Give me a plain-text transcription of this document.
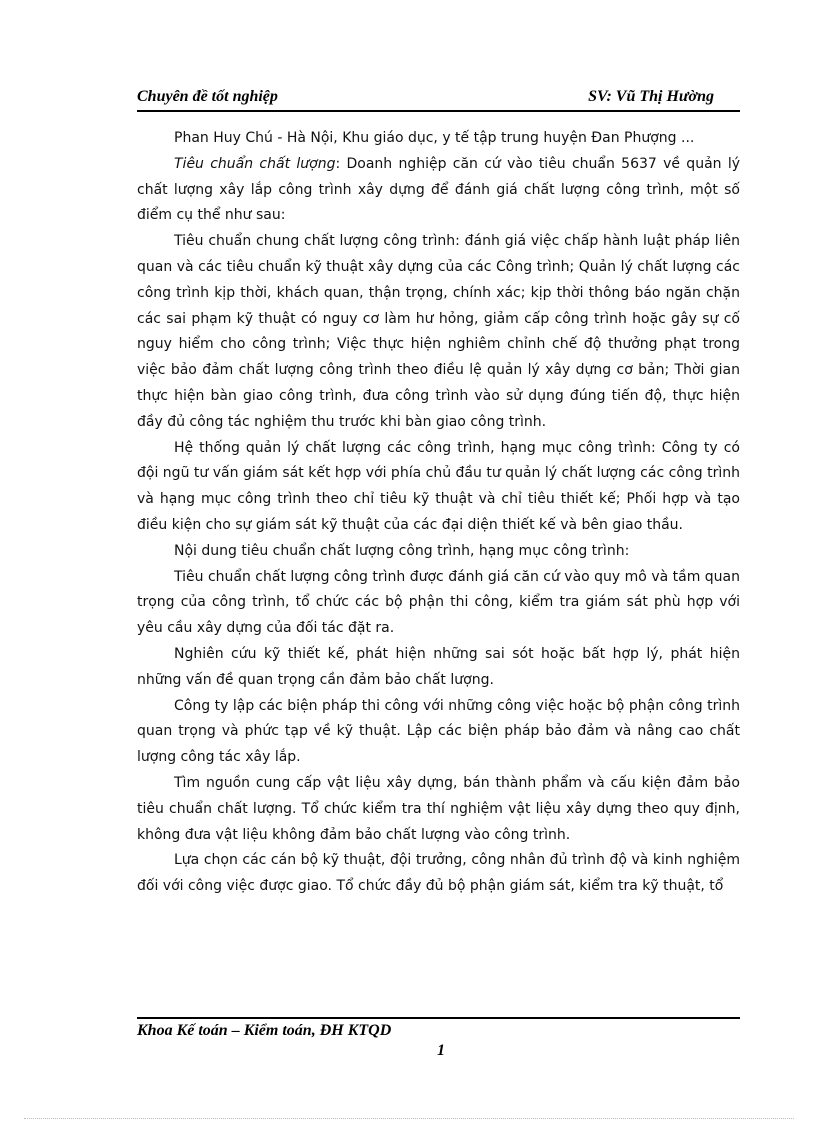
Chuyên đề tốt nghiệp	SV: Vũ Thị Hường

Phan Huy Chú - Hà Nội, Khu giáo dục, y tế tập trung huyện Đan Phượng ...

Tiêu chuẩn chất lượng: Doanh nghiệp căn cứ vào tiêu chuẩn 5637 về quản lý chất lượng xây lắp công trình xây dựng để đánh giá chất lượng công trình, một số điểm cụ thể như sau:

Tiêu chuẩn chung chất lượng công trình: đánh giá việc chấp hành luật pháp liên quan và các tiêu chuẩn kỹ thuật xây dựng của các Công trình; Quản lý chất lượng các công trình kịp thời, khách quan, thận trọng, chính xác; kịp thời thông báo ngăn chặn các sai phạm kỹ thuật có nguy cơ làm hư hỏng, giảm cấp công trình hoặc gây sự cố nguy hiểm cho công trình; Việc thực hiện nghiêm chỉnh chế độ thưởng phạt trong việc bảo đảm chất lượng công trình theo điều lệ quản lý xây dựng cơ bản; Thời gian thực hiện bàn giao công trình, đưa công trình vào sử dụng đúng tiến độ, thực hiện đầy đủ công tác nghiệm thu trước khi bàn giao công trình.

Hệ thống quản lý chất lượng các công trình, hạng mục công trình: Công ty có đội ngũ tư vấn giám sát kết hợp với phía chủ đầu tư quản lý chất lượng các công trình và hạng mục công trình theo chỉ tiêu kỹ thuật và chỉ tiêu thiết kế; Phối hợp và tạo điều kiện cho sự giám sát kỹ thuật của các đại diện thiết kế và bên giao thầu.

Nội dung tiêu chuẩn chất lượng công trình, hạng mục công trình:

Tiêu chuẩn chất lượng công trình được đánh giá căn cứ vào quy mô và tầm quan trọng của công trình, tổ chức các bộ phận thi công, kiểm tra giám sát phù hợp với yêu cầu xây dựng của đối tác đặt ra.

Nghiên cứu kỹ thiết kế, phát hiện những sai sót hoặc bất hợp lý, phát hiện những vấn đề quan trọng cần đảm bảo chất lượng.

Công ty lập các biện pháp thi công với những công việc hoặc bộ phận công trình quan trọng và phức tạp về kỹ thuật. Lập các biện pháp bảo đảm và nâng cao chất lượng công tác xây lắp.

Tìm nguồn cung cấp vật liệu xây dựng, bán thành phẩm và cấu kiện đảm bảo tiêu chuẩn chất lượng. Tổ chức kiểm tra thí nghiệm vật liệu xây dựng theo quy định, không đưa vật liệu không đảm bảo chất lượng vào công trình.

Lựa chọn các cán bộ kỹ thuật, đội trưởng, công nhân đủ trình độ và kinh nghiệm đối với công việc được giao. Tổ chức đầy đủ bộ phận giám sát, kiểm tra kỹ thuật, tổ

Khoa Kế toán – Kiểm toán, ĐH KTQD
1
